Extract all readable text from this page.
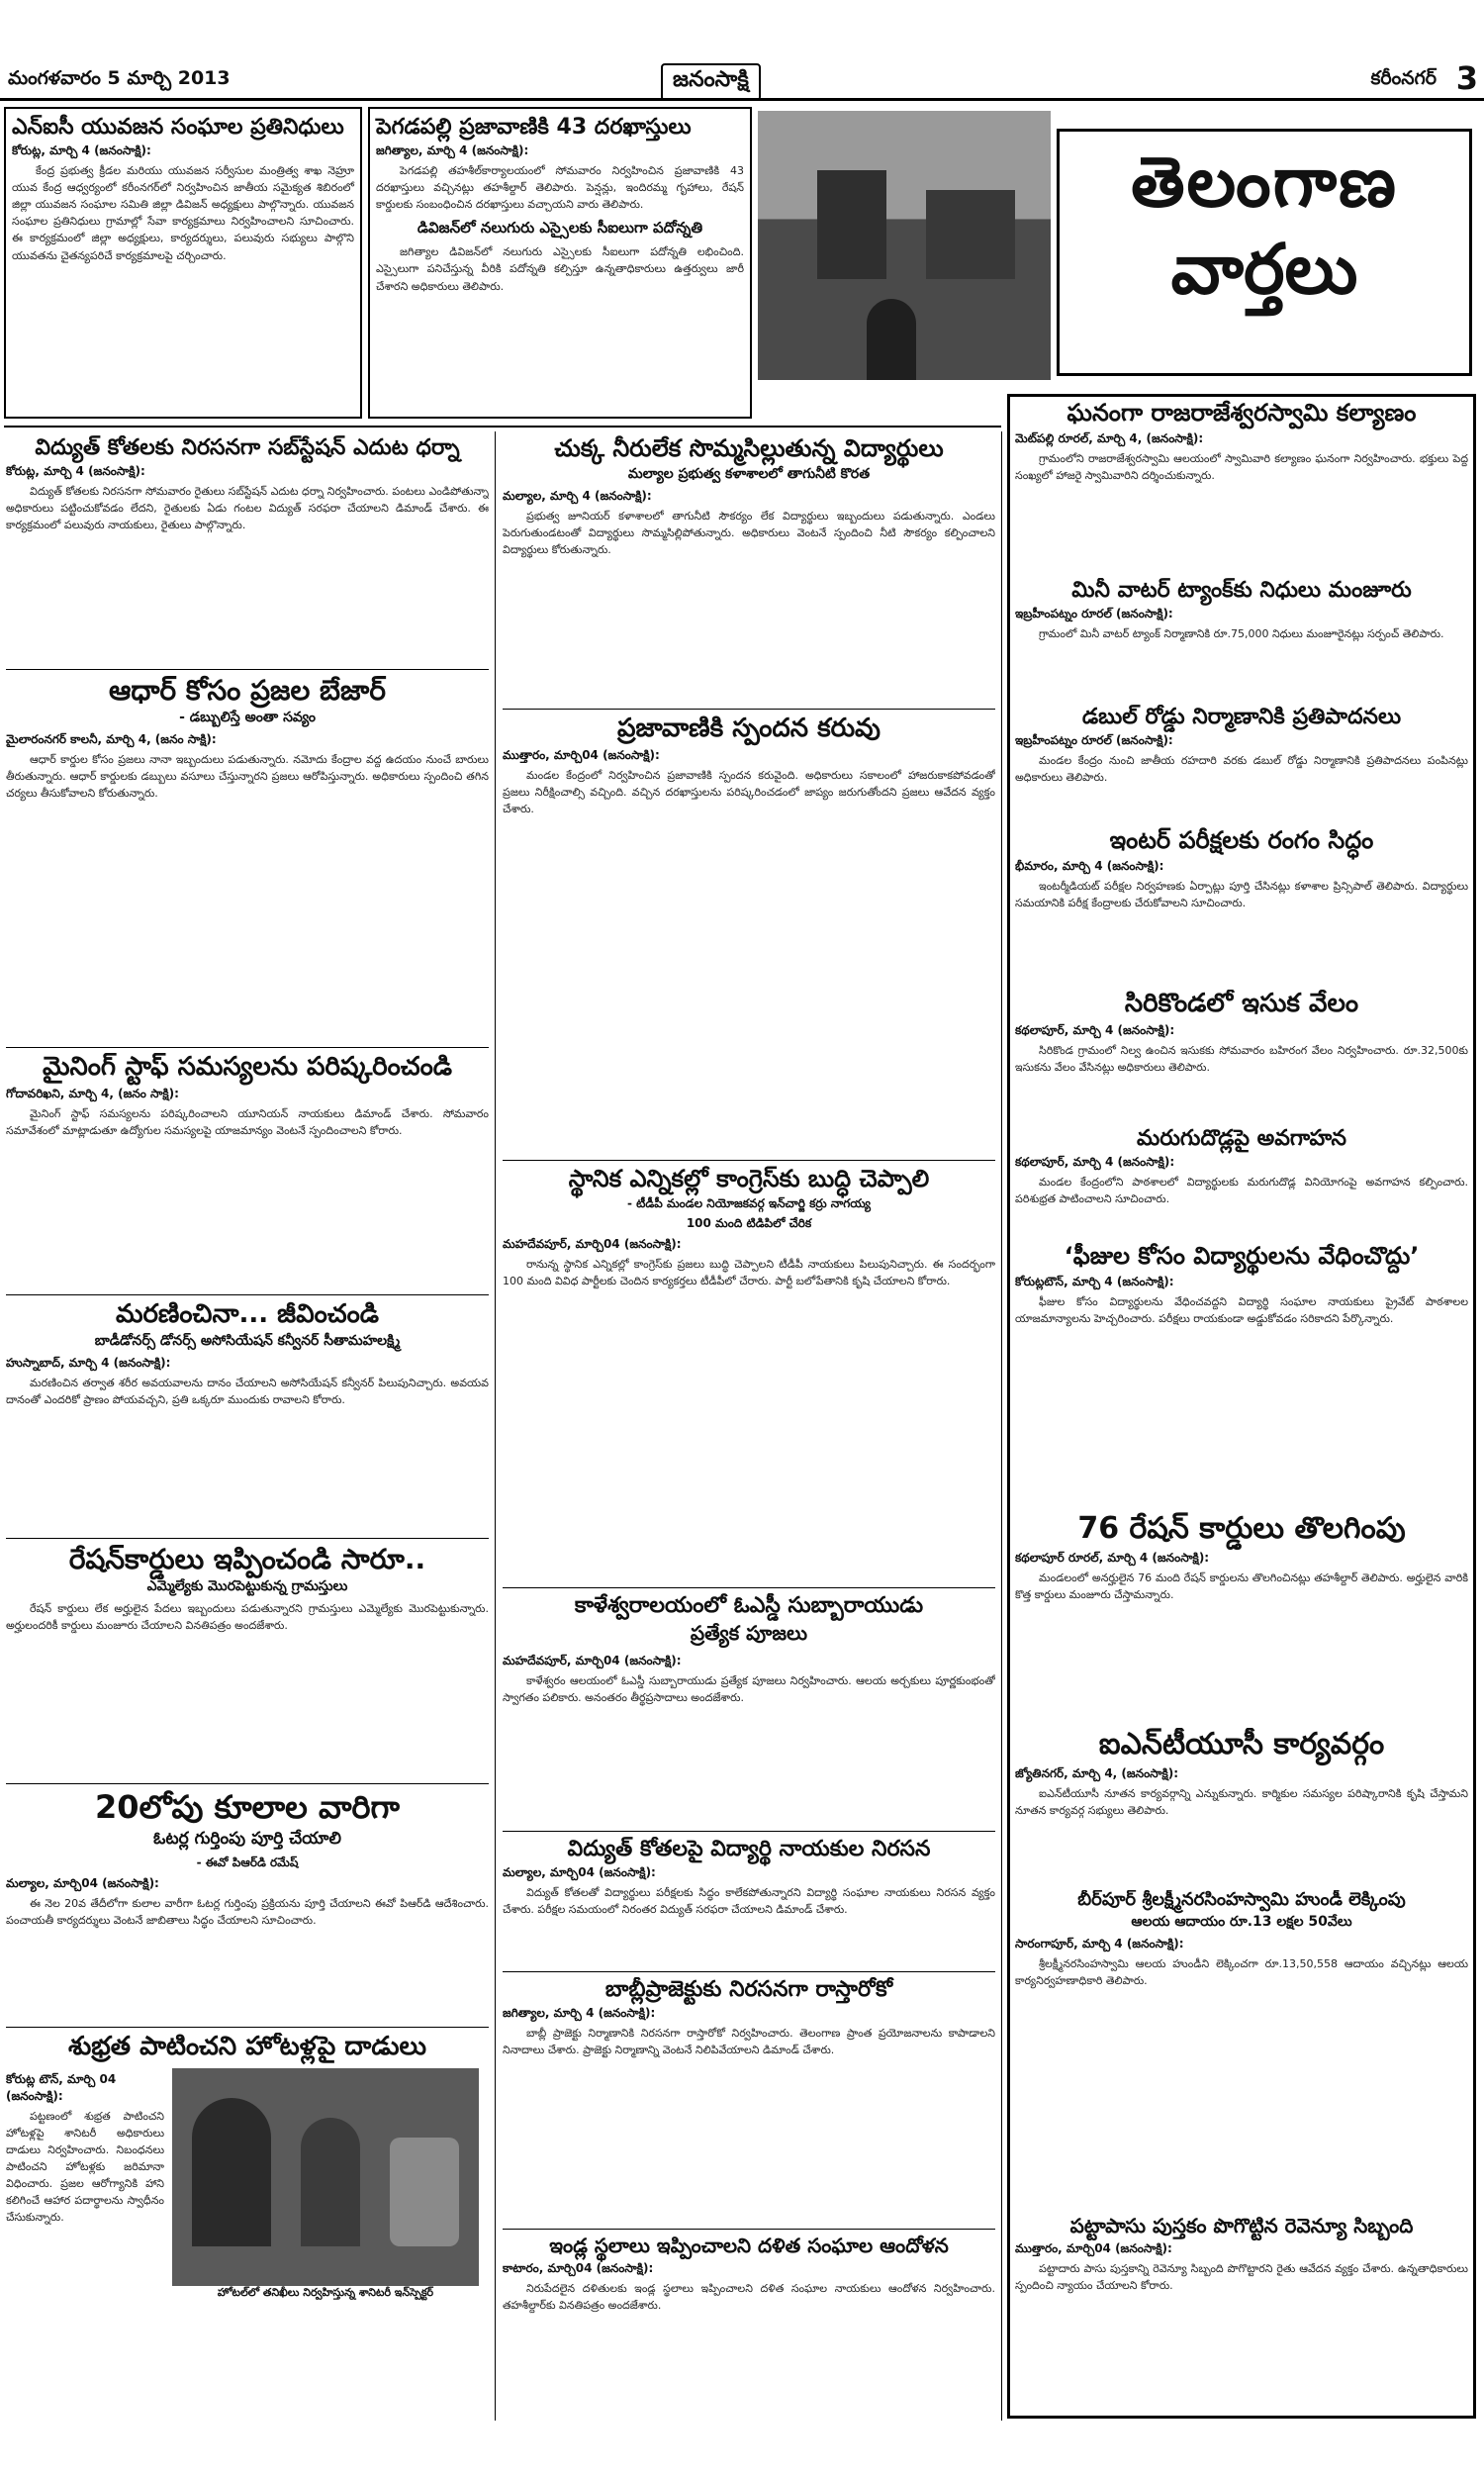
మంగళవారం 5 మార్చి 2013	జనంసాక్షి	కరీంనగర్ 3
ఎన్‌ఐసీ యువజన సంఘాల ప్రతినిధులు
కోరుట్ల, మార్చి 4 (జనంసాక్షి):
కేంద్ర ప్రభుత్వ క్రీడల మరియు యువజన సర్వీసుల మంత్రిత్వ శాఖ నెహ్రూ యువ కేంద్ర ఆధ్వర్యంలో కరీంనగర్‌లో నిర్వహించిన జాతీయ సమైక్యత శిబిరంలో జిల్లా యువజన సంఘాల సమితి జిల్లా డివిజన్ అధ్యక్షులు పాల్గొన్నారు. యువజన సంఘాల ప్రతినిధులు గ్రామాల్లో సేవా కార్యక్రమాలు నిర్వహించాలని సూచించారు. ఈ కార్యక్రమంలో జిల్లా అధ్యక్షులు, కార్యదర్శులు, పలువురు సభ్యులు పాల్గొని యువతను చైతన్యపరిచే కార్యక్రమాలపై చర్చించారు.
పెగడపల్లి ప్రజావాణికి 43 దరఖాస్తులు
జగిత్యాల, మార్చి 4 (జనంసాక్షి):
పెగడపల్లి తహశీల్‌కార్యాలయంలో సోమవారం నిర్వహించిన ప్రజావాణికి 43 దరఖాస్తులు వచ్చినట్లు తహశీల్దార్ తెలిపారు. పెన్షన్లు, ఇందిరమ్మ గృహాలు, రేషన్ కార్డులకు సంబంధించిన దరఖాస్తులు వచ్చాయని వారు తెలిపారు.
డివిజన్‌లో నలుగురు ఎస్సైలకు సీఐలుగా పదోన్నతి
జగిత్యాల డివిజన్‌లో నలుగురు ఎస్సైలకు సీఐలుగా పదోన్నతి లభించింది. ఎస్సైలుగా పనిచేస్తున్న వీరికి పదోన్నతి కల్పిస్తూ ఉన్నతాధికారులు ఉత్తర్వులు జారీ చేశారని అధికారులు తెలిపారు.
తెలంగాణ
వార్తలు
విద్యుత్ కోతలకు నిరసనగా సబ్‌స్టేషన్ ఎదుట ధర్నా
కోరుట్ల, మార్చి 4 (జనంసాక్షి):
విద్యుత్ కోతలకు నిరసనగా సోమవారం రైతులు సబ్‌స్టేషన్ ఎదుట ధర్నా నిర్వహించారు. పంటలు ఎండిపోతున్నా అధికారులు పట్టించుకోవడం లేదని, రైతులకు ఏడు గంటల విద్యుత్ సరఫరా చేయాలని డిమాండ్ చేశారు. ఈ కార్యక్రమంలో పలువురు నాయకులు, రైతులు పాల్గొన్నారు.
ఆధార్ కోసం ప్రజల బేజార్
- డబ్బులిస్తే అంతా సవ్యం
మైలారంనగర్ కాలనీ, మార్చి 4, (జనం సాక్షి):
ఆధార్ కార్డుల కోసం ప్రజలు నానా ఇబ్బందులు పడుతున్నారు. నమోదు కేంద్రాల వద్ద ఉదయం నుంచే బారులు తీరుతున్నారు. ఆధార్ కార్డులకు డబ్బులు వసూలు చేస్తున్నారని ప్రజలు ఆరోపిస్తున్నారు. అధికారులు స్పందించి తగిన చర్యలు తీసుకోవాలని కోరుతున్నారు.
మైనింగ్ స్టాఫ్ సమస్యలను పరిష్కరించండి
గోదావరిఖని, మార్చి 4, (జనం సాక్షి):
మైనింగ్ స్టాఫ్ సమస్యలను పరిష్కరించాలని యూనియన్ నాయకులు డిమాండ్ చేశారు. సోమవారం సమావేశంలో మాట్లాడుతూ ఉద్యోగుల సమస్యలపై యాజమాన్యం వెంటనే స్పందించాలని కోరారు.
మరణించినా... జీవించండి
బాడీడోనర్స్ డోనర్స్ అసోసియేషన్ కన్వీనర్ సీతామహలక్ష్మి
హుస్నాబాద్, మార్చి 4 (జనంసాక్షి):
మరణించిన తర్వాత శరీర అవయవాలను దానం చేయాలని అసోసియేషన్ కన్వీనర్ పిలుపునిచ్చారు. అవయవ దానంతో ఎందరికో ప్రాణం పోయవచ్చని, ప్రతి ఒక్కరూ ముందుకు రావాలని కోరారు.
రేషన్‌కార్డులు ఇప్పించండి సారూ..
ఎమ్మెల్యేకు మొరపెట్టుకున్న గ్రామస్తులు
రేషన్ కార్డులు లేక అర్హులైన పేదలు ఇబ్బందులు పడుతున్నారని గ్రామస్తులు ఎమ్మెల్యేకు మొరపెట్టుకున్నారు. అర్హులందరికీ కార్డులు మంజూరు చేయాలని వినతిపత్రం అందజేశారు.
20లోపు కూలాల వారిగా
ఓటర్ల గుర్తింపు పూర్తి చేయాలి
- ఈవో పిఆర్‌డి రమేష్
మల్యాల, మార్చి04 (జనంసాక్షి):
ఈ నెల 20వ తేదీలోగా కులాల వారీగా ఓటర్ల గుర్తింపు ప్రక్రియను పూర్తి చేయాలని ఈవో పిఆర్‌డి ఆదేశించారు. పంచాయతీ కార్యదర్శులు వెంటనే జాబితాలు సిద్ధం చేయాలని సూచించారు.
శుభ్రత పాటించని హోటళ్లపై దాడులు
కోరుట్ల టౌన్, మార్చి 04 (జనంసాక్షి):
పట్టణంలో శుభ్రత పాటించని హోటళ్లపై శానిటరీ అధికారులు దాడులు నిర్వహించారు. నిబంధనలు పాటించని హోటళ్లకు జరిమానా విధించారు. ప్రజల ఆరోగ్యానికి హాని కలిగించే ఆహార పదార్థాలను స్వాధీనం చేసుకున్నారు.
హోటల్‌లో తనిఖీలు నిర్వహిస్తున్న శానిటరీ ఇన్‌స్పెక్టర్
చుక్క నీరులేక సొమ్మసిల్లుతున్న విద్యార్థులు
మల్యాల ప్రభుత్వ కళాశాలలో తాగునీటి కొరత
మల్యాల, మార్చి 4 (జనంసాక్షి):
ప్రభుత్వ జూనియర్ కళాశాలలో తాగునీటి సౌకర్యం లేక విద్యార్థులు ఇబ్బందులు పడుతున్నారు. ఎండలు పెరుగుతుండటంతో విద్యార్థులు సొమ్మసిల్లిపోతున్నారు. అధికారులు వెంటనే స్పందించి నీటి సౌకర్యం కల్పించాలని విద్యార్థులు కోరుతున్నారు.
ప్రజావాణికి స్పందన కరువు
ముత్తారం, మార్చి04 (జనంసాక్షి):
మండల కేంద్రంలో నిర్వహించిన ప్రజావాణికి స్పందన కరువైంది. అధికారులు సకాలంలో హాజరుకాకపోవడంతో ప్రజలు నిరీక్షించాల్సి వచ్చింది. వచ్చిన దరఖాస్తులను పరిష్కరించడంలో జాప్యం జరుగుతోందని ప్రజలు ఆవేదన వ్యక్తం చేశారు.
స్థానిక ఎన్నికల్లో కాంగ్రెస్‌కు బుద్ధి చెప్పాలి
- టీడీపీ మండల నియోజకవర్గ ఇన్‌చార్జి కర్రు నాగయ్య
100 మంది టిడిపిలో చేరిక
మహదేవపూర్, మార్చి04 (జనంసాక్షి):
రానున్న స్థానిక ఎన్నికల్లో కాంగ్రెస్‌కు ప్రజలు బుద్ధి చెప్పాలని టీడీపీ నాయకులు పిలుపునిచ్చారు. ఈ సందర్భంగా 100 మంది వివిధ పార్టీలకు చెందిన కార్యకర్తలు టీడీపీలో చేరారు. పార్టీ బలోపేతానికి కృషి చేయాలని కోరారు.
కాళేశ్వరాలయంలో ఓఎస్డీ సుబ్బారాయుడు
ప్రత్యేక పూజలు
మహదేవపూర్, మార్చి04 (జనంసాక్షి):
కాళేశ్వరం ఆలయంలో ఓఎస్డీ సుబ్బారాయుడు ప్రత్యేక పూజలు నిర్వహించారు. ఆలయ అర్చకులు పూర్ణకుంభంతో స్వాగతం పలికారు. అనంతరం తీర్థప్రసాదాలు అందజేశారు.
విద్యుత్ కోతలపై విద్యార్థి నాయకుల నిరసన
మల్యాల, మార్చి04 (జనంసాక్షి):
విద్యుత్ కోతలతో విద్యార్థులు పరీక్షలకు సిద్ధం కాలేకపోతున్నారని విద్యార్థి సంఘాల నాయకులు నిరసన వ్యక్తం చేశారు. పరీక్షల సమయంలో నిరంతర విద్యుత్ సరఫరా చేయాలని డిమాండ్ చేశారు.
బాబ్లీప్రాజెక్టుకు నిరసనగా రాస్తారోకో
జగిత్యాల, మార్చి 4 (జనంసాక్షి):
బాబ్లీ ప్రాజెక్టు నిర్మాణానికి నిరసనగా రాస్తారోకో నిర్వహించారు. తెలంగాణ ప్రాంత ప్రయోజనాలను కాపాడాలని నినాదాలు చేశారు. ప్రాజెక్టు నిర్మాణాన్ని వెంటనే నిలిపివేయాలని డిమాండ్ చేశారు.
ఇండ్ల స్థలాలు ఇప్పించాలని దళిత సంఘాల ఆందోళన
కాటారం, మార్చి04 (జనంసాక్షి):
నిరుపేదలైన దళితులకు ఇండ్ల స్థలాలు ఇప్పించాలని దళిత సంఘాల నాయకులు ఆందోళన నిర్వహించారు. తహశీల్దార్‌కు వినతిపత్రం అందజేశారు.
ఘనంగా రాజరాజేశ్వరస్వామి కల్యాణం
మెట్‌పల్లి రూరల్, మార్చి 4, (జనంసాక్షి):
గ్రామంలోని రాజరాజేశ్వరస్వామి ఆలయంలో స్వామివారి కల్యాణం ఘనంగా నిర్వహించారు. భక్తులు పెద్ద సంఖ్యలో హాజరై స్వామివారిని దర్శించుకున్నారు.
మినీ వాటర్ ట్యాంక్‌కు నిధులు మంజూరు
ఇబ్రహీంపట్నం రూరల్ (జనంసాక్షి):
గ్రామంలో మినీ వాటర్ ట్యాంక్ నిర్మాణానికి రూ.75,000 నిధులు మంజూరైనట్లు సర్పంచ్ తెలిపారు.
డబుల్ రోడ్డు నిర్మాణానికి ప్రతిపాదనలు
ఇబ్రహీంపట్నం రూరల్ (జనంసాక్షి):
మండల కేంద్రం నుంచి జాతీయ రహదారి వరకు డబుల్ రోడ్డు నిర్మాణానికి ప్రతిపాదనలు పంపినట్లు అధికారులు తెలిపారు.
ఇంటర్ పరీక్షలకు రంగం సిద్ధం
భీమారం, మార్చి 4 (జనంసాక్షి):
ఇంటర్మీడియట్ పరీక్షల నిర్వహణకు ఏర్పాట్లు పూర్తి చేసినట్లు కళాశాల ప్రిన్సిపాల్ తెలిపారు. విద్యార్థులు సమయానికి పరీక్ష కేంద్రాలకు చేరుకోవాలని సూచించారు.
సిరికొండలో ఇసుక వేలం
కథలాపూర్, మార్చి 4 (జనంసాక్షి):
సిరికొండ గ్రామంలో నిల్వ ఉంచిన ఇసుకకు సోమవారం బహిరంగ వేలం నిర్వహించారు. రూ.32,500కు ఇసుకను వేలం వేసినట్లు అధికారులు తెలిపారు.
మరుగుదొడ్లపై అవగాహన
కథలాపూర్, మార్చి 4 (జనంసాక్షి):
మండల కేంద్రంలోని పాఠశాలలో విద్యార్థులకు మరుగుదొడ్ల వినియోగంపై అవగాహన కల్పించారు. పరిశుభ్రత పాటించాలని సూచించారు.
‘ఫీజుల కోసం విద్యార్థులను వేధించొద్దు’
కోరుట్లటౌన్, మార్చి 4 (జనంసాక్షి):
ఫీజుల కోసం విద్యార్థులను వేధించవద్దని విద్యార్థి సంఘాల నాయకులు ప్రైవేట్ పాఠశాలల యాజమాన్యాలను హెచ్చరించారు. పరీక్షలు రాయకుండా అడ్డుకోవడం సరికాదని పేర్కొన్నారు.
76 రేషన్ కార్డులు తొలగింపు
కథలాపూర్ రూరల్, మార్చి 4 (జనంసాక్షి):
మండలంలో అనర్హులైన 76 మంది రేషన్ కార్డులను తొలగించినట్లు తహశీల్దార్ తెలిపారు. అర్హులైన వారికి కొత్త కార్డులు మంజూరు చేస్తామన్నారు.
ఐఎన్‌టీయూసీ కార్యవర్గం
జ్యోతినగర్, మార్చి 4, (జనంసాక్షి):
ఐఎన్‌టీయూసీ నూతన కార్యవర్గాన్ని ఎన్నుకున్నారు. కార్మికుల సమస్యల పరిష్కారానికి కృషి చేస్తామని నూతన కార్యవర్గ సభ్యులు తెలిపారు.
బీర్‌పూర్ శ్రీలక్ష్మీనరసింహస్వామి హుండీ లెక్కింపు
ఆలయ ఆదాయం రూ.13 లక్షల 50వేలు
సారంగాపూర్, మార్చి 4 (జనంసాక్షి):
శ్రీలక్ష్మీనరసింహస్వామి ఆలయ హుండీని లెక్కించగా రూ.13,50,558 ఆదాయం వచ్చినట్లు ఆలయ కార్యనిర్వహణాధికారి తెలిపారు.
పట్టాపాసు పుస్తకం పొగొట్టిన రెవెన్యూ సిబ్బంది
ముత్తారం, మార్చి04 (జనంసాక్షి):
పట్టాదారు పాసు పుస్తకాన్ని రెవెన్యూ సిబ్బంది పొగొట్టారని రైతు ఆవేదన వ్యక్తం చేశారు. ఉన్నతాధికారులు స్పందించి న్యాయం చేయాలని కోరారు.
